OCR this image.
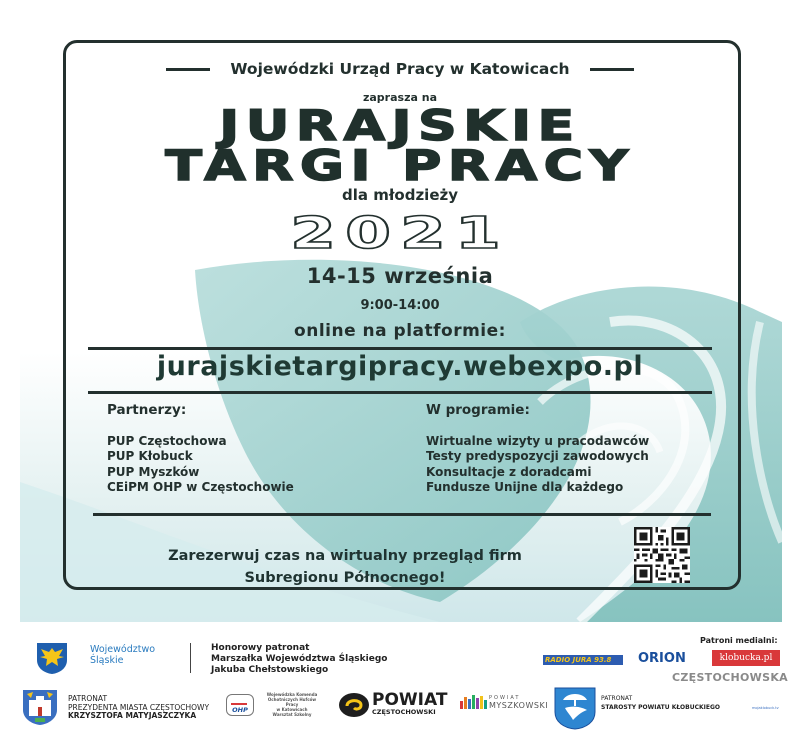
Wojewódzki Urząd Pracy w Katowicach
zaprasza na
JURAJSKIE
TARGI PRACY
dla młodzieży
2021
14-15 września
9:00-14:00
online na platformie:
jurajskietargipracy.webexpo.pl
Partnerzy:
PUP Częstochowa
PUP Kłobuck
PUP Myszków
CEiPM OHP w Częstochowie
W programie:
Wirtualne wizyty u pracodawców
Testy predyspozycji zawodowych
Konsultacje z doradcami
Fundusze Unijne dla każdego
Zarezerwuj czas na wirtualny przegląd firm
Subregionu Północnego!
Województwo
Śląskie
Honorowy patronat
Marszałka Województwa Śląskiego
Jakuba Chełstowskiego
Patroni medialni:
RADIO JURA 93.8	ORION	klobucka.pl
CZĘSTOCHOWSKA
PATRONAT
PREZYDENTA MIASTA CZĘSTOCHOWY
KRZYSZTOFA MATYJASZCZYKA
OHP
Wojewódzka Komenda
Ochotniczych Hufców
Pracy
w Katowicach
Warsztat Szkolny
POWIAT
CZĘSTOCHOWSKI
POWIAT
MYSZKOWSKI
PATRONAT
STAROSTY POWIATU KŁOBUCKIEGO	mojaklobuck.tv
